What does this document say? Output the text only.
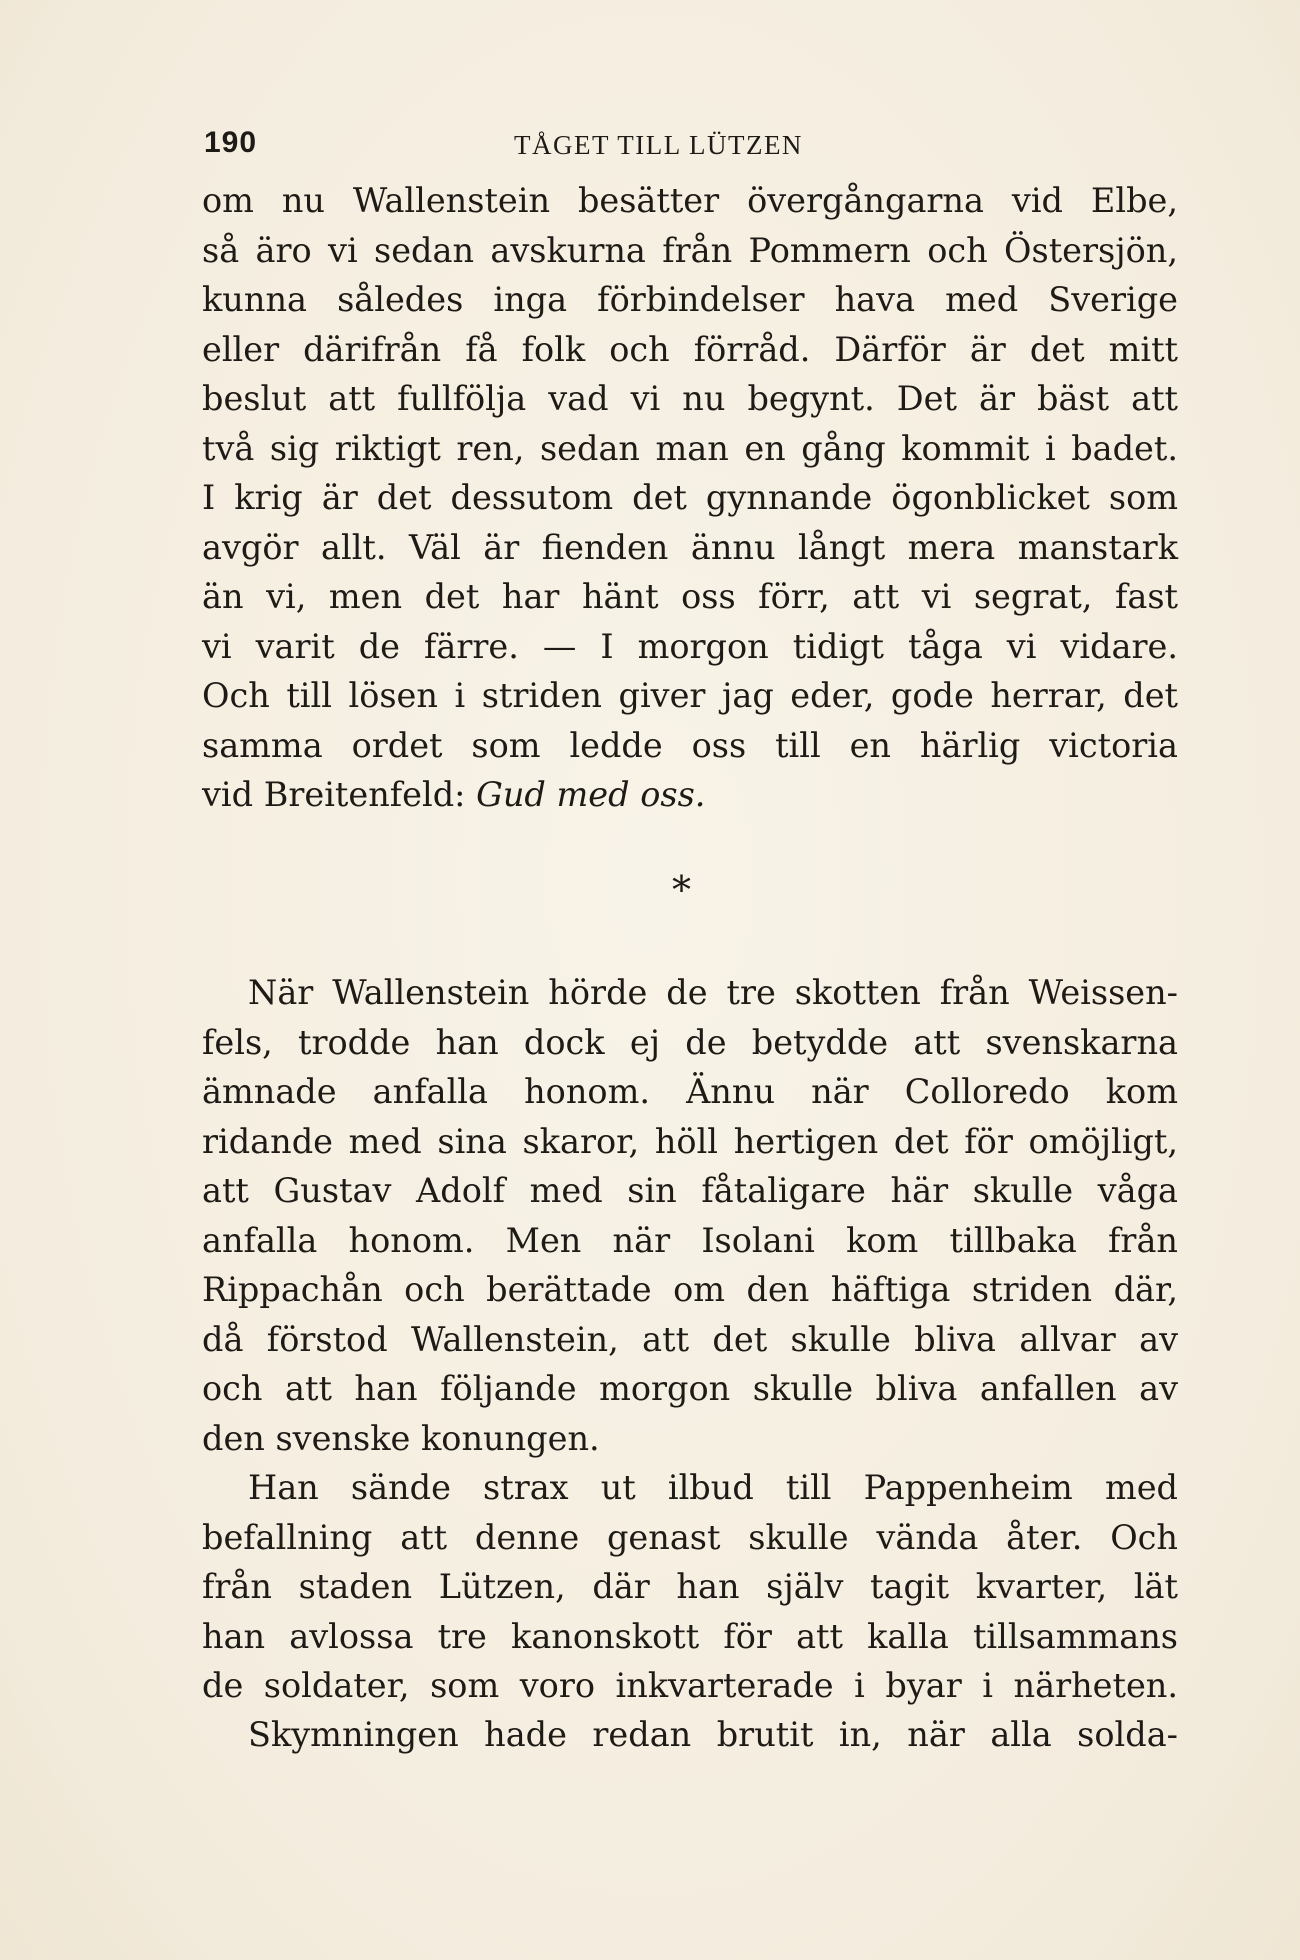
190	TÅGET TILL LÜTZEN
om nu Wallenstein besätter övergångarna vid Elbe,
så äro vi sedan avskurna från Pommern och Östersjön,
kunna således inga förbindelser hava med Sverige
eller därifrån få folk och förråd. Därför är det mitt
beslut att fullfölja vad vi nu begynt. Det är bäst att
två sig riktigt ren, sedan man en gång kommit i badet.
I krig är det dessutom det gynnande ögonblicket som
avgör allt. Väl är fienden ännu långt mera manstark
än vi, men det har hänt oss förr, att vi segrat, fast
vi varit de färre. — I morgon tidigt tåga vi vidare.
Och till lösen i striden giver jag eder, gode herrar, det
samma ordet som ledde oss till en härlig victoria
vid Breitenfeld: Gud med oss.
*
När Wallenstein hörde de tre skotten från Weissen-
fels, trodde han dock ej de betydde att svenskarna
ämnade anfalla honom. Ännu när Colloredo kom
ridande med sina skaror, höll hertigen det för omöjligt,
att Gustav Adolf med sin fåtaligare här skulle våga
anfalla honom. Men när Isolani kom tillbaka från
Rippachån och berättade om den häftiga striden där,
då förstod Wallenstein, att det skulle bliva allvar av
och att han följande morgon skulle bliva anfallen av
den svenske konungen.
Han sände strax ut ilbud till Pappenheim med
befallning att denne genast skulle vända åter. Och
från staden Lützen, där han själv tagit kvarter, lät
han avlossa tre kanonskott för att kalla tillsammans
de soldater, som voro inkvarterade i byar i närheten.
Skymningen hade redan brutit in, när alla solda-
